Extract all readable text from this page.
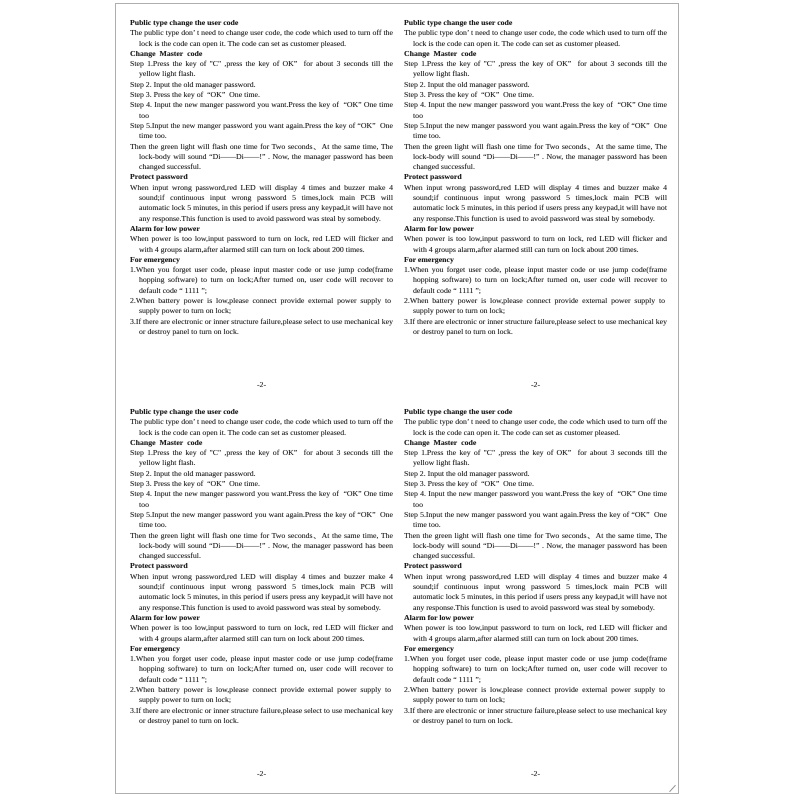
Public type change the user code
The public type don’ t need to change user code, the code which used to turn off the lock is the code can open it. The code can set as customer pleased.
Change  Master  code
Step 1.Press the key of "C" ,press the key of OK”  for about 3 seconds till the yellow light flash.
Step 2. Input the old manager password.
Step 3. Press the key of  “OK”  One time.
Step 4. Input the new manger password you want.Press the key of  “OK” One time too
Step 5.Input the new manger password you want again.Press the key of “OK”  One time too.
Then the green light will flash one time for Two seconds、At the same time, The lock-body will sound “Di——Di——!” . Now, the manager password has been changed successful.
Protect password
When input wrong password,red LED will display 4 times and buzzer make 4 sound;if continuous input wrong password 5 times,lock main PCB will automatic lock 5 minutes, in this period if users press any keypad,it will have not any response.This function is used to avoid password was steal by somebody.
Alarm for low power
When power is too low,input password to turn on lock, red LED will flicker and with 4 groups alarm,after alarmed still can turn on lock about 200 times.
For emergency
1.When you forget user code, please input master code or use jump code(frame hopping software) to turn on lock;After turned on, user code will recover to default code “ 1111 ”;
2.When battery power is low,please connect provide external power supply to  supply power to turn on lock;
3.If there are electronic or inner structure failure,please select to use mechanical key or destroy panel to turn on lock.
-2-
Public type change the user code
The public type don’ t need to change user code, the code which used to turn off the lock is the code can open it. The code can set as customer pleased.
Change  Master  code
Step 1.Press the key of "C" ,press the key of OK”  for about 3 seconds till the yellow light flash.
Step 2. Input the old manager password.
Step 3. Press the key of  “OK”  One time.
Step 4. Input the new manger password you want.Press the key of  “OK” One time too
Step 5.Input the new manger password you want again.Press the key of “OK”  One time too.
Then the green light will flash one time for Two seconds、At the same time, The lock-body will sound “Di——Di——!” . Now, the manager password has been changed successful.
Protect password
When input wrong password,red LED will display 4 times and buzzer make 4 sound;if continuous input wrong password 5 times,lock main PCB will automatic lock 5 minutes, in this period if users press any keypad,it will have not any response.This function is used to avoid password was steal by somebody.
Alarm for low power
When power is too low,input password to turn on lock, red LED will flicker and with 4 groups alarm,after alarmed still can turn on lock about 200 times.
For emergency
1.When you forget user code, please input master code or use jump code(frame hopping software) to turn on lock;After turned on, user code will recover to default code “ 1111 ”;
2.When battery power is low,please connect provide external power supply to  supply power to turn on lock;
3.If there are electronic or inner structure failure,please select to use mechanical key or destroy panel to turn on lock.
-2-
Public type change the user code
The public type don’ t need to change user code, the code which used to turn off the lock is the code can open it. The code can set as customer pleased.
Change  Master  code
Step 1.Press the key of "C" ,press the key of OK”  for about 3 seconds till the yellow light flash.
Step 2. Input the old manager password.
Step 3. Press the key of  “OK”  One time.
Step 4. Input the new manger password you want.Press the key of  “OK” One time too
Step 5.Input the new manger password you want again.Press the key of “OK”  One time too.
Then the green light will flash one time for Two seconds、At the same time, The lock-body will sound “Di——Di——!” . Now, the manager password has been changed successful.
Protect password
When input wrong password,red LED will display 4 times and buzzer make 4 sound;if continuous input wrong password 5 times,lock main PCB will automatic lock 5 minutes, in this period if users press any keypad,it will have not any response.This function is used to avoid password was steal by somebody.
Alarm for low power
When power is too low,input password to turn on lock, red LED will flicker and with 4 groups alarm,after alarmed still can turn on lock about 200 times.
For emergency
1.When you forget user code, please input master code or use jump code(frame hopping software) to turn on lock;After turned on, user code will recover to default code “ 1111 ”;
2.When battery power is low,please connect provide external power supply to  supply power to turn on lock;
3.If there are electronic or inner structure failure,please select to use mechanical key or destroy panel to turn on lock.
-2-
Public type change the user code
The public type don’ t need to change user code, the code which used to turn off the lock is the code can open it. The code can set as customer pleased.
Change  Master  code
Step 1.Press the key of "C" ,press the key of OK”  for about 3 seconds till the yellow light flash.
Step 2. Input the old manager password.
Step 3. Press the key of  “OK”  One time.
Step 4. Input the new manger password you want.Press the key of  “OK” One time too
Step 5.Input the new manger password you want again.Press the key of “OK”  One time too.
Then the green light will flash one time for Two seconds、At the same time, The lock-body will sound “Di——Di——!” . Now, the manager password has been changed successful.
Protect password
When input wrong password,red LED will display 4 times and buzzer make 4 sound;if continuous input wrong password 5 times,lock main PCB will automatic lock 5 minutes, in this period if users press any keypad,it will have not any response.This function is used to avoid password was steal by somebody.
Alarm for low power
When power is too low,input password to turn on lock, red LED will flicker and with 4 groups alarm,after alarmed still can turn on lock about 200 times.
For emergency
1.When you forget user code, please input master code or use jump code(frame hopping software) to turn on lock;After turned on, user code will recover to default code “ 1111 ”;
2.When battery power is low,please connect provide external power supply to  supply power to turn on lock;
3.If there are electronic or inner structure failure,please select to use mechanical key or destroy panel to turn on lock.
-2-
